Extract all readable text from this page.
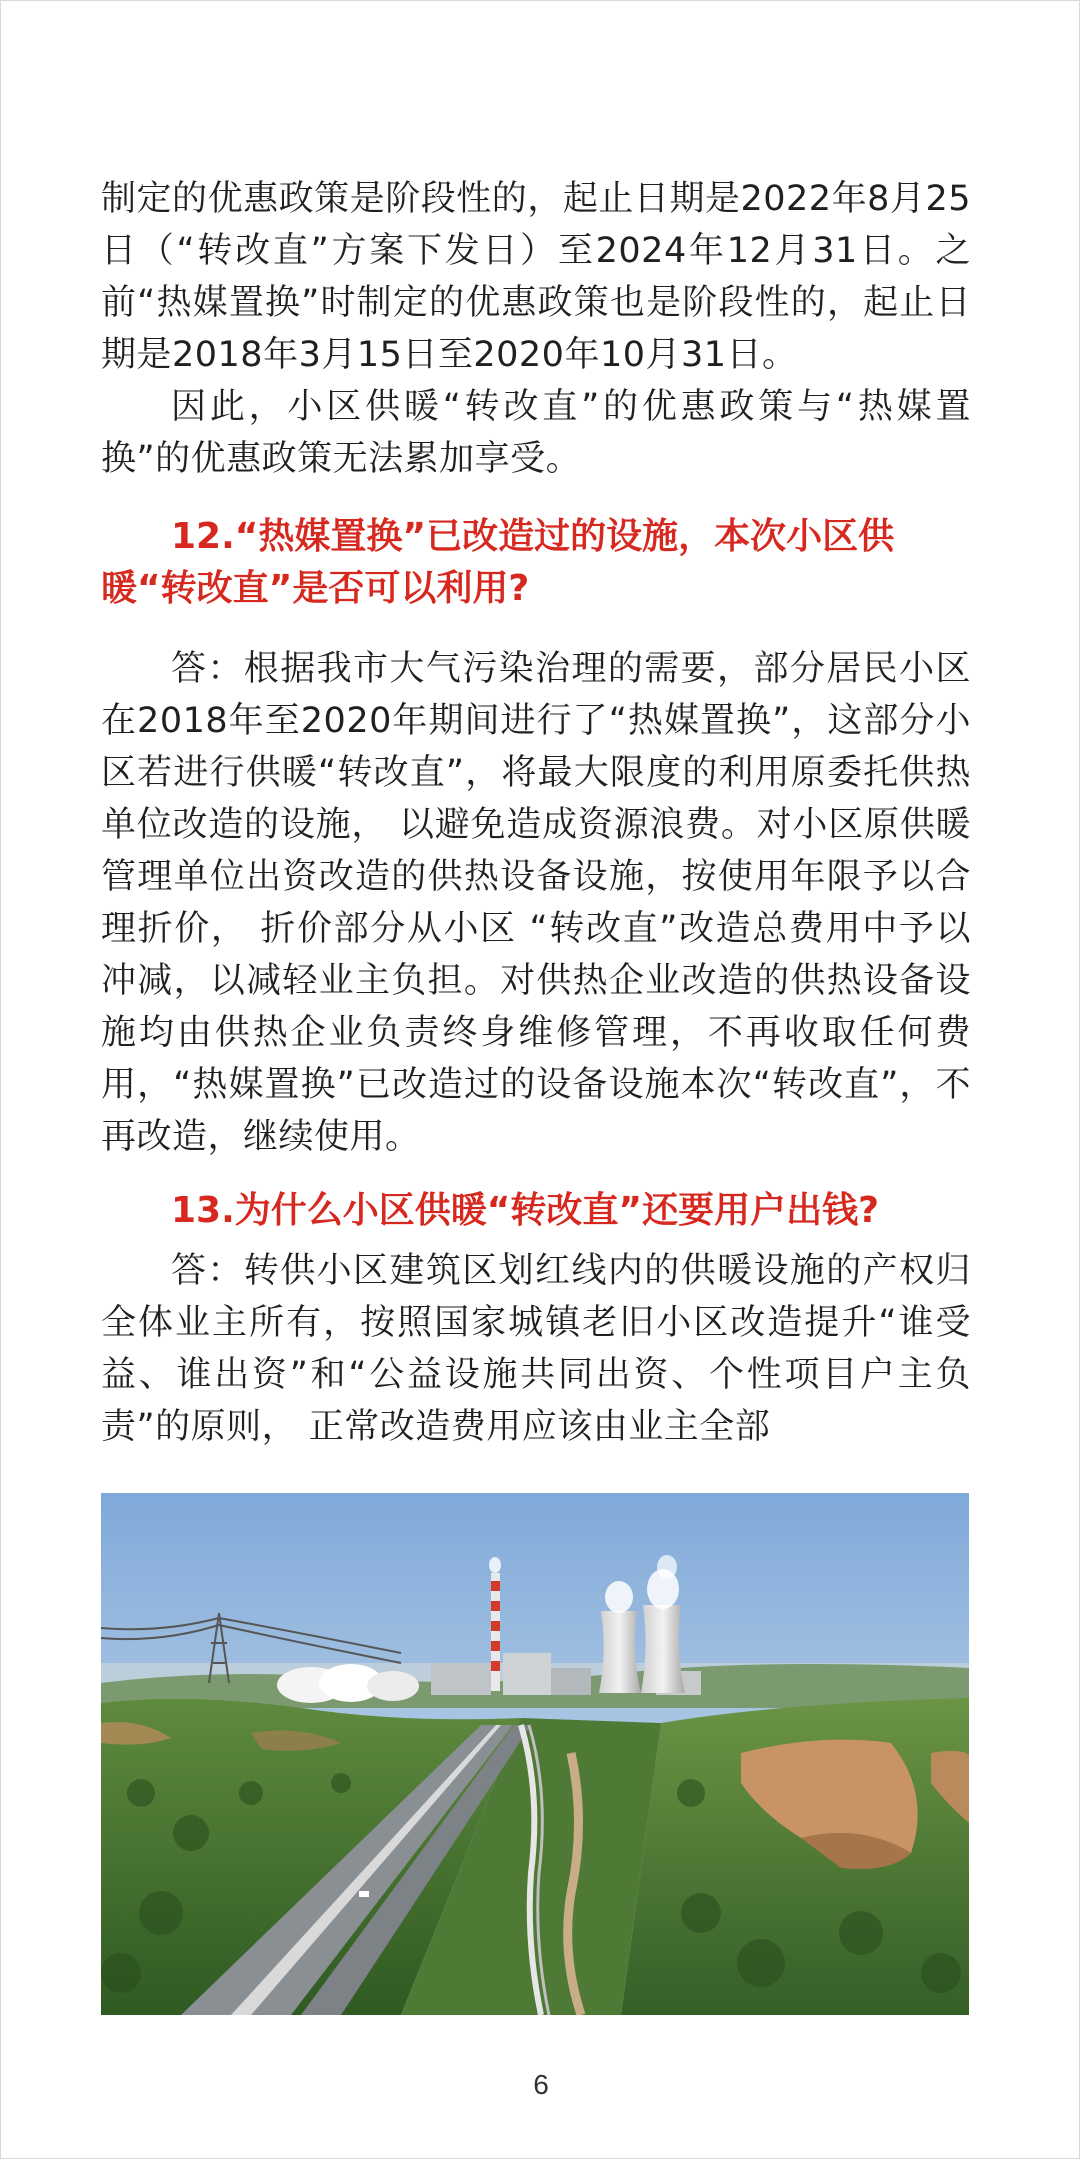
制定的优惠政策是阶段性的，起止日期是2022年8月25日（“转改直”方案下发日）至2024年12月31日。之前“热媒置换”时制定的优惠政策也是阶段性的，起止日期是2018年3月15日至2020年10月31日。

因此，小区供暖“转改直”的优惠政策与“热媒置换”的优惠政策无法累加享受。

12.“热媒置换”已改造过的设施，本次小区供暖“转改直”是否可以利用?

答：根据我市大气污染治理的需要，部分居民小区在2018年至2020年期间进行了“热媒置换”，这部分小区若进行供暖“转改直”，将最大限度的利用原委托供热单位改造的设施， 以避免造成资源浪费。对小区原供暖管理单位出资改造的供热设备设施，按使用年限予以合理折价， 折价部分从小区 “转改直”改造总费用中予以冲减，以减轻业主负担。对供热企业改造的供热设备设施均由供热企业负责终身维修管理，不再收取任何费用，“热媒置换”已改造过的设备设施本次“转改直”，不再改造，继续使用。

13.为什么小区供暖“转改直”还要用户出钱?

答：转供小区建筑区划红线内的供暖设施的产权归全体业主所有，按照国家城镇老旧小区改造提升“谁受益、谁出资”和“公益设施共同出资、个性项目户主负责”的原则， 正常改造费用应该由业主全部

6
